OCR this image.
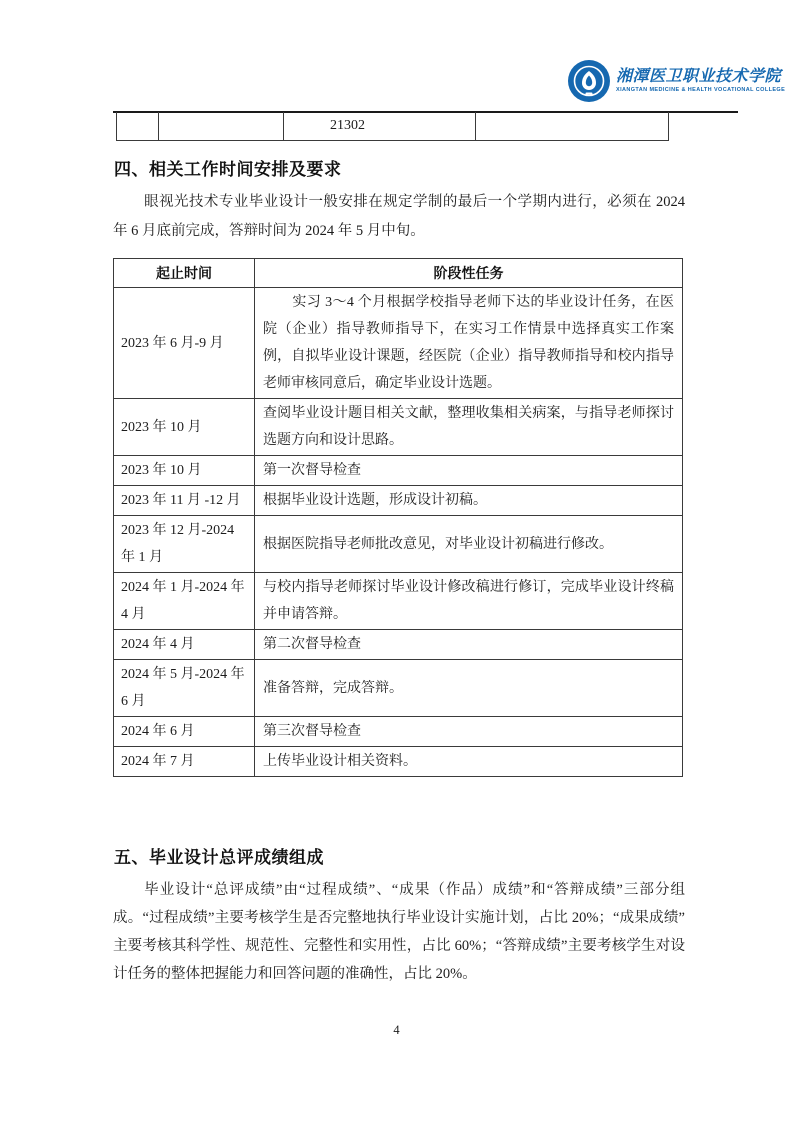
湘潭医卫职业技术学院
XIANGTAN MEDICINE & HEALTH VOCATIONAL COLLEGE
21302
四、相关工作时间安排及要求
眼视光技术专业毕业设计一般安排在规定学制的最后一个学期内进行，必须在 2024 年 6 月底前完成，答辩时间为 2024 年 5 月中旬。
起止时间	阶段性任务
2023 年 6 月-9 月	实习 3～4 个月根据学校指导老师下达的毕业设计任务，在医院（企业）指导教师指导下，在实习工作情景中选择真实工作案例，自拟毕业设计课题，经医院（企业）指导教师指导和校内指导老师审核同意后，确定毕业设计选题。
2023 年 10 月	查阅毕业设计题目相关文献，整理收集相关病案，与指导老师探讨选题方向和设计思路。
2023 年 10 月	第一次督导检查
2023 年 11 月 -12 月	根据毕业设计选题，形成设计初稿。
2023 年 12 月-2024 年 1 月	根据医院指导老师批改意见，对毕业设计初稿进行修改。
2024 年 1 月-2024 年 4 月	与校内指导老师探讨毕业设计修改稿进行修订，完成毕业设计终稿并申请答辩。
2024 年 4 月	第二次督导检查
2024 年 5 月-2024 年 6 月	准备答辩，完成答辩。
2024 年 6 月	第三次督导检查
2024 年 7 月	上传毕业设计相关资料。
五、毕业设计总评成绩组成
毕业设计“总评成绩”由“过程成绩”、“成果（作品）成绩”和“答辩成绩”三部分组成。“过程成绩”主要考核学生是否完整地执行毕业设计实施计划，占比 20%；“成果成绩” 主要考核其科学性、规范性、完整性和实用性，占比 60%；“答辩成绩”主要考核学生对设计任务的整体把握能力和回答问题的准确性，占比 20%。
4
